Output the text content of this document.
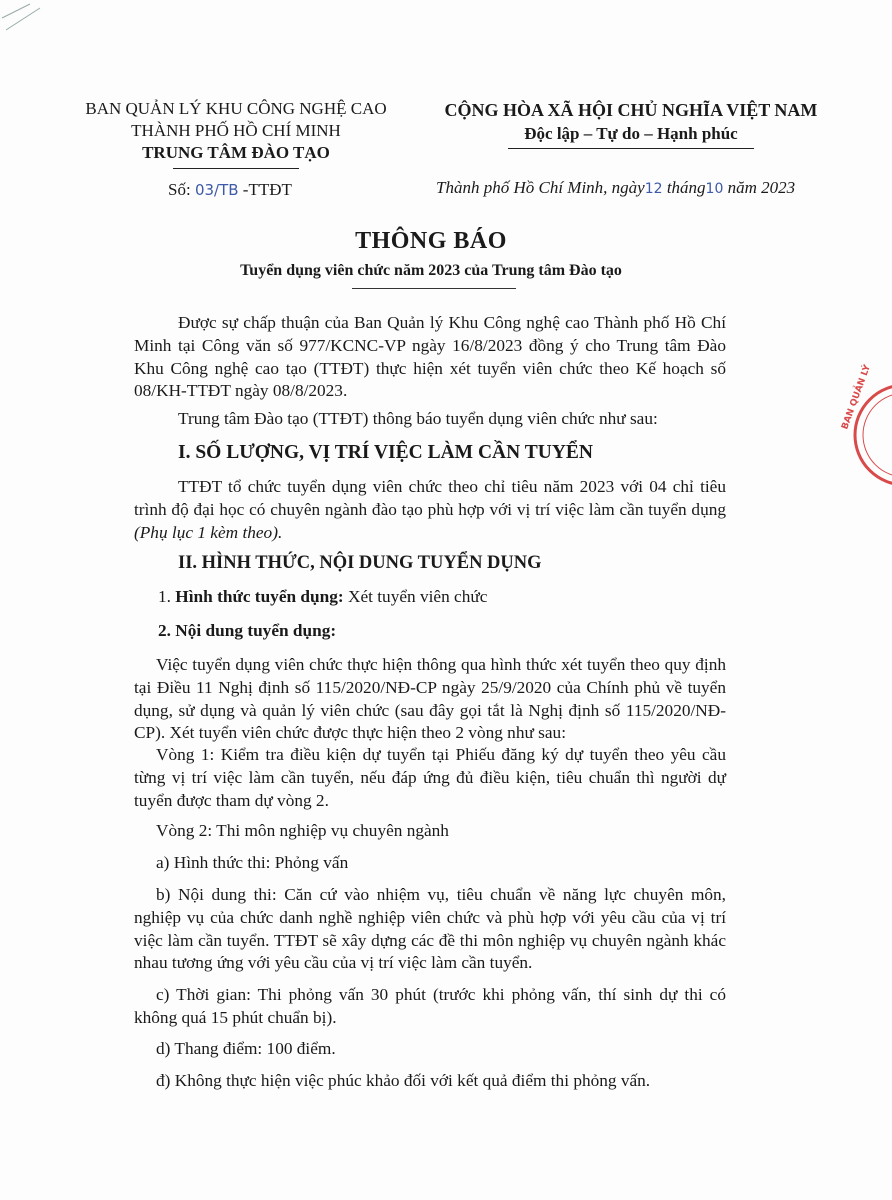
BAN QUẢN LÝ KHU CÔNG NGHỆ CAO
THÀNH PHỐ HỒ CHÍ MINH
TRUNG TÂM ĐÀO TẠO
CỘNG HÒA XÃ HỘI CHỦ NGHĨA VIỆT NAM
Độc lập – Tự do – Hạnh phúc
Số: 03/TB -TTĐT	Thành phố Hồ Chí Minh, ngày12 tháng10 năm 2023
THÔNG BÁO
Tuyển dụng viên chức năm 2023 của Trung tâm Đào tạo
Được sự chấp thuận của Ban Quản lý Khu Công nghệ cao Thành phố Hồ Chí Minh tại Công văn số 977/KCNC-VP ngày 16/8/2023 đồng ý cho Trung tâm Đào Khu Công nghệ cao tạo (TTĐT) thực hiện xét tuyển viên chức theo Kế hoạch số 08/KH-TTĐT ngày 08/8/2023.
Trung tâm Đào tạo (TTĐT) thông báo tuyển dụng viên chức như sau:
I. SỐ LƯỢNG, VỊ TRÍ VIỆC LÀM CẦN TUYỂN
TTĐT tổ chức tuyển dụng viên chức theo chỉ tiêu năm 2023 với 04 chỉ tiêu trình độ đại học có chuyên ngành đào tạo phù hợp với vị trí việc làm cần tuyển dụng (Phụ lục 1 kèm theo).
II. HÌNH THỨC, NỘI DUNG TUYỂN DỤNG
1. Hình thức tuyển dụng: Xét tuyển viên chức
2. Nội dung tuyển dụng:
Việc tuyển dụng viên chức thực hiện thông qua hình thức xét tuyển theo quy định tại Điều 11 Nghị định số 115/2020/NĐ-CP ngày 25/9/2020 của Chính phủ về tuyển dụng, sử dụng và quản lý viên chức (sau đây gọi tắt là Nghị định số 115/2020/NĐ-CP). Xét tuyển viên chức được thực hiện theo 2 vòng như sau:
Vòng 1: Kiểm tra điều kiện dự tuyển tại Phiếu đăng ký dự tuyển theo yêu cầu từng vị trí việc làm cần tuyển, nếu đáp ứng đủ điều kiện, tiêu chuẩn thì người dự tuyển được tham dự vòng 2.
Vòng 2: Thi môn nghiệp vụ chuyên ngành
a) Hình thức thi: Phỏng vấn
b) Nội dung thi: Căn cứ vào nhiệm vụ, tiêu chuẩn về năng lực chuyên môn, nghiệp vụ của chức danh nghề nghiệp viên chức và phù hợp với yêu cầu của vị trí việc làm cần tuyển. TTĐT sẽ xây dựng các đề thi môn nghiệp vụ chuyên ngành khác nhau tương ứng với yêu cầu của vị trí việc làm cần tuyển.
c) Thời gian: Thi phỏng vấn 30 phút (trước khi phỏng vấn, thí sinh dự thi có không quá 15 phút chuẩn bị).
d) Thang điểm: 100 điểm.
đ) Không thực hiện việc phúc khảo đối với kết quả điểm thi phỏng vấn.
BAN QUẢN LÝ
